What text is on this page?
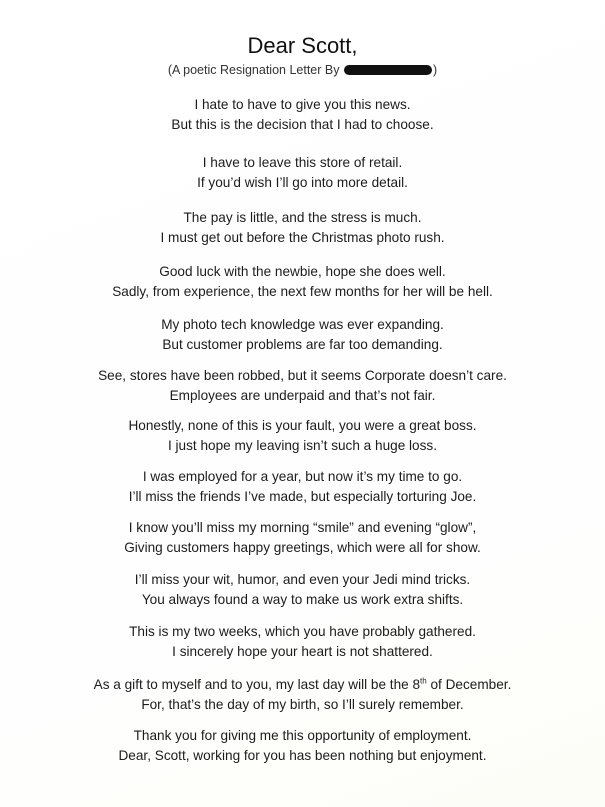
Dear Scott,
(A poetic Resignation Letter By	)
I hate to have to give you this news.
But this is the decision that I had to choose.
I have to leave this store of retail.
If you’d wish I’ll go into more detail.
The pay is little, and the stress is much.
I must get out before the Christmas photo rush.
Good luck with the newbie, hope she does well.
Sadly, from experience, the next few months for her will be hell.
My photo tech knowledge was ever expanding.
But customer problems are far too demanding.
See, stores have been robbed, but it seems Corporate doesn’t care.
Employees are underpaid and that’s not fair.
Honestly, none of this is your fault, you were a great boss.
I just hope my leaving isn’t such a huge loss.
I was employed for a year, but now it’s my time to go.
I’ll miss the friends I’ve made, but especially torturing Joe.
I know you’ll miss my morning “smile” and evening “glow”,
Giving customers happy greetings, which were all for show.
I’ll miss your wit, humor, and even your Jedi mind tricks.
You always found a way to make us work extra shifts.
This is my two weeks, which you have probably gathered.
I sincerely hope your heart is not shattered.
As a gift to myself and to you, my last day will be the 8th of December.
For, that’s the day of my birth, so I’ll surely remember.
Thank you for giving me this opportunity of employment.
Dear, Scott, working for you has been nothing but enjoyment.
